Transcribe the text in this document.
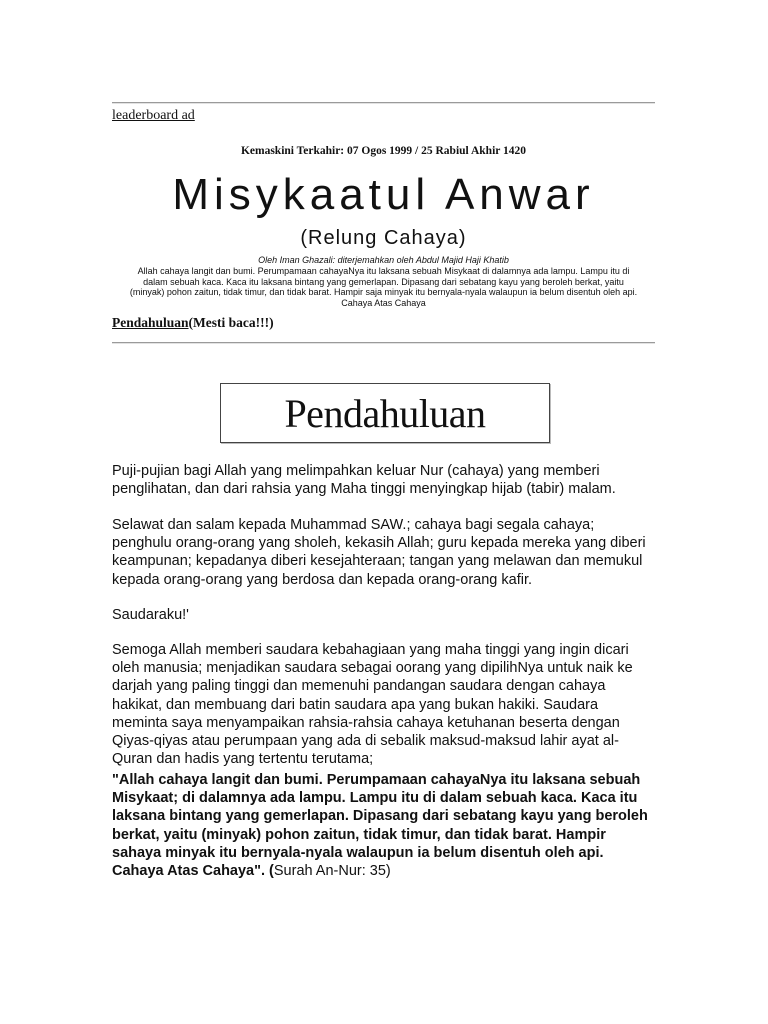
leaderboard ad
Kemaskini Terkahir: 07 Ogos 1999 / 25 Rabiul Akhir 1420
Misykaatul Anwar
(Relung Cahaya)
Oleh Iman Ghazali: diterjemahkan oleh Abdul Majid Haji Khatib
Allah cahaya langit dan bumi. Perumpamaan cahayaNya itu laksana sebuah Misykaat di dalamnya ada lampu. Lampu itu di
dalam sebuah kaca. Kaca itu laksana bintang yang gemerlapan. Dipasang dari sebatang kayu yang beroleh berkat, yaitu
(minyak) pohon zaitun, tidak timur, dan tidak barat. Hampir saja minyak itu bernyala-nyala walaupun ia belum disentuh oleh api.
Cahaya Atas Cahaya
Pendahuluan(Mesti baca!!!)
Pendahuluan

Puji-pujian bagi Allah yang melimpahkan keluar Nur (cahaya) yang memberi penglihatan, dan dari rahsia yang Maha tinggi menyingkap hijab (tabir) malam.

Selawat dan salam kepada Muhammad SAW.; cahaya bagi segala cahaya; penghulu orang-orang yang sholeh, kekasih Allah; guru kepada mereka yang diberi keampunan; kepadanya diberi kesejahteraan; tangan yang melawan dan memukul kepada orang-orang yang berdosa dan kepada orang-orang kafir.

Saudaraku!'

Semoga Allah memberi saudara kebahagiaan yang maha tinggi yang ingin dicari oleh manusia; menjadikan saudara sebagai oorang yang dipilihNya untuk naik ke darjah yang paling tinggi dan memenuhi pandangan saudara dengan cahaya hakikat, dan membuang dari batin saudara apa yang bukan hakiki. Saudara meminta saya menyampaikan rahsia-rahsia cahaya ketuhanan beserta dengan Qiyas-qiyas atau perumpaan yang ada di sebalik maksud-maksud lahir ayat al-Quran dan hadis yang tertentu terutama;

"Allah cahaya langit dan bumi. Perumpamaan cahayaNya itu laksana sebuah Misykaat; di dalamnya ada lampu. Lampu itu di dalam sebuah kaca. Kaca itu laksana bintang yang gemerlapan. Dipasang dari sebatang kayu yang beroleh berkat, yaitu (minyak) pohon zaitun, tidak timur, dan tidak barat. Hampir sahaya minyak itu bernyala-nyala walaupun ia belum disentuh oleh api. Cahaya Atas Cahaya". (Surah An-Nur: 35)
